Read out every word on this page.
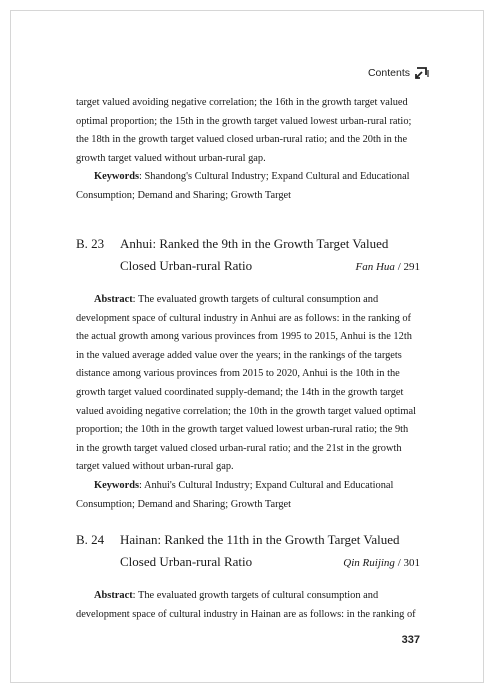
Contents
target valued avoiding negative correlation; the 16th in the growth target valued
optimal proportion; the 15th in the growth target valued lowest urban-rural ratio;
the 18th in the growth target valued closed urban-rural ratio; and the 20th in the
growth target valued without urban-rural gap.
Keywords: Shandong's Cultural Industry; Expand Cultural and Educational
Consumption; Demand and Sharing; Growth Target
B. 23 Anhui: Ranked the 9th in the Growth Target Valued
Closed Urban-rural Ratio	Fan Hua / 291
Abstract: The evaluated growth targets of cultural consumption and
development space of cultural industry in Anhui are as follows: in the ranking of
the actual growth among various provinces from 1995 to 2015, Anhui is the 12th
in the valued average added value over the years; in the rankings of the targets
distance among various provinces from 2015 to 2020, Anhui is the 10th in the
growth target valued coordinated supply-demand; the 14th in the growth target
valued avoiding negative correlation; the 10th in the growth target valued optimal
proportion; the 10th in the growth target valued lowest urban-rural ratio; the 9th
in the growth target valued closed urban-rural ratio; and the 21st in the growth
target valued without urban-rural gap.
Keywords: Anhui's Cultural Industry; Expand Cultural and Educational
Consumption; Demand and Sharing; Growth Target
B. 24 Hainan: Ranked the 11th in the Growth Target Valued
Closed Urban-rural Ratio	Qin Ruijing / 301
Abstract: The evaluated growth targets of cultural consumption and
development space of cultural industry in Hainan are as follows: in the ranking of
337
